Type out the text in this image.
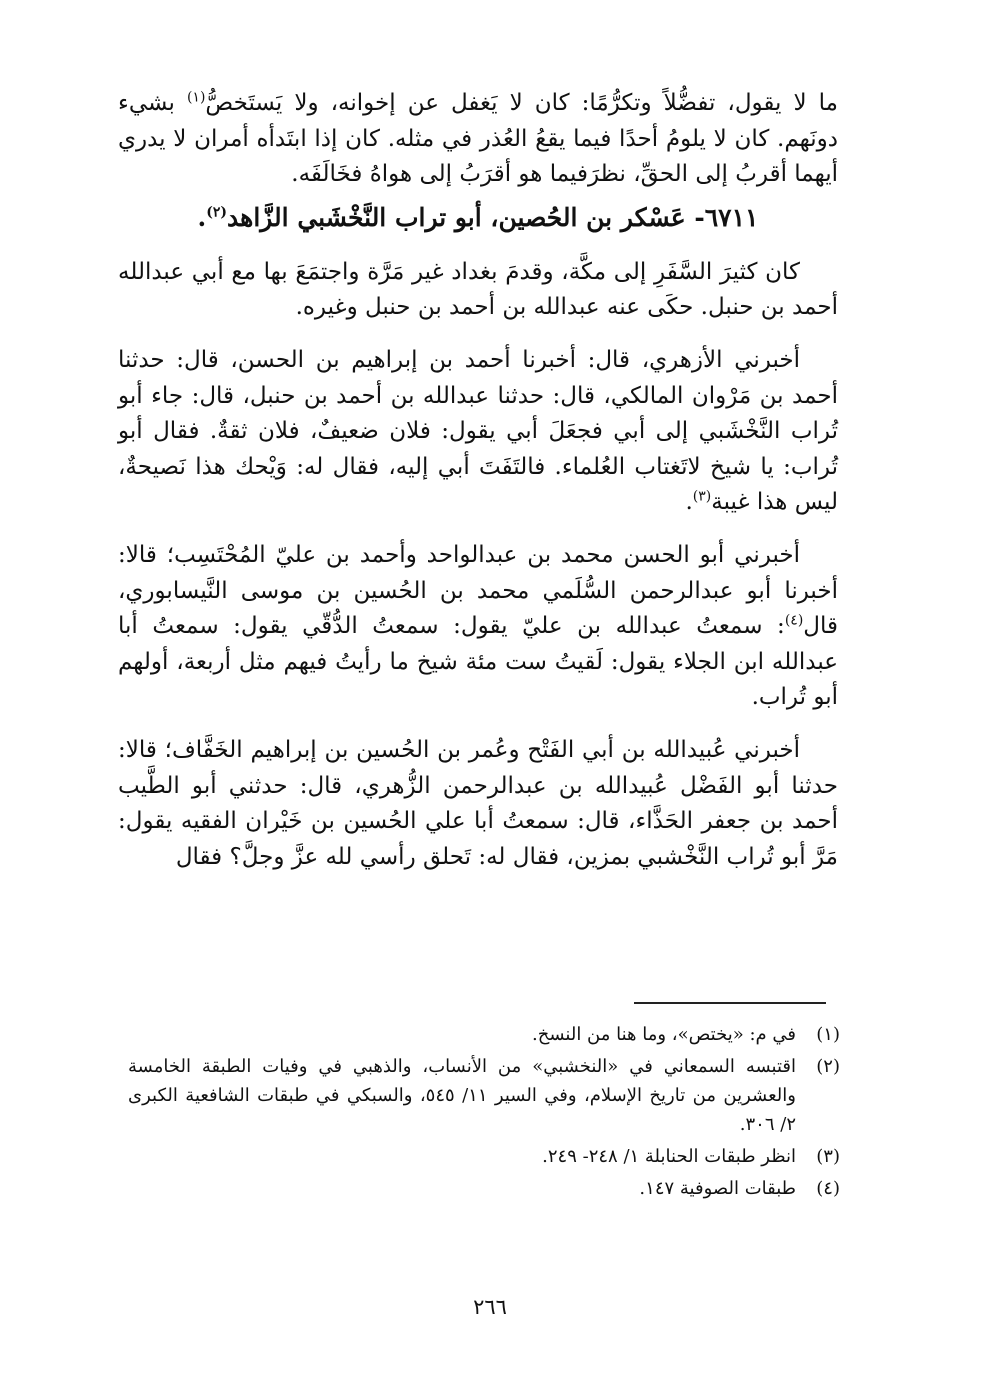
ما لا يقول، تفضُّلاً وتكرُّمًا: كان لا يَغفل عن إخوانه، ولا يَستَخصُّ$^{(١)}$ بشيء دونَهم. كان لا يلومُ أحدًا فيما يقعُ العُذر في مثله. كان إذا ابتَدأه أمران لا يدري أيهما أقربُ إلى الحقِّ، نظرَفيما هو أقرَبُ إلى هواهُ فخَالَفَه.

٦٧١١- عَسْكر بن الحُصين، أبو تراب النَّخْشَبي الزَّاهد$^{(٢)}$.

كان كثيرَ السَّفَرِ إلى مكَّة، وقدمَ بغداد غير مَرَّة واجتمَعَ بها مع أبي عبدالله أحمد بن حنبل. حكَى عنه عبدالله بن أحمد بن حنبل وغيره.

أخبرني الأزهري، قال: أخبرنا أحمد بن إبراهيم بن الحسن، قال: حدثنا أحمد بن مَرْوان المالكي، قال: حدثنا عبدالله بن أحمد بن حنبل، قال: جاء أبو تُراب النَّخْشَبي إلى أبي فجعَلَ أبي يقول: فلان ضعيفٌ، فلان ثقةٌ. فقال أبو تُراب: يا شيخ لاتَغتاب العُلماء. فالتَفَتَ أبي إليه، فقال له: وَيْحك هذا نَصيحةٌ، ليس هذا غيبة$^{(٣)}$.

أخبرني أبو الحسن محمد بن عبدالواحد وأحمد بن عليّ المُحْتَسِب؛ قالا: أخبرنا أبو عبدالرحمن السُّلَمي محمد بن الحُسين بن موسى النَّيسابوري، قال$^{(٤)}$: سمعتُ عبدالله بن عليّ يقول: سمعتُ الدُّقّي يقول: سمعتُ أبا عبدالله ابن الجلاء يقول: لَقيتُ ست مئة شيخ ما رأيتُ فيهم مثل أربعة، أولهم أبو تُراب.

أخبرني عُبيدالله بن أبي الفَتْح وعُمر بن الحُسين بن إبراهيم الخَفَّاف؛ قالا: حدثنا أبو الفَضْل عُبيدالله بن عبدالرحمن الزُّهري، قال: حدثني أبو الطَّيب أحمد بن جعفر الحَذَّاء، قال: سمعتُ أبا علي الحُسين بن خَيْران الفقيه يقول: مَرَّ أبو تُراب النَّخْشبي بمزين، فقال له: تَحلق رأسي لله عزَّ وجلَّ؟ فقال

(١)
في م: «يختص»، وما هنا من النسخ.
(٢)
اقتبسه السمعاني في «النخشبي» من الأنساب، والذهبي في وفيات الطبقة الخامسة والعشرين من تاريخ الإسلام، وفي السير ١١/ ٥٤٥، والسبكي في طبقات الشافعية الكبرى ٢/ ٣٠٦.
(٣)
انظر طبقات الحنابلة ١/ ٢٤٨- ٢٤٩.
(٤)
طبقات الصوفية ١٤٧.
٢٦٦
